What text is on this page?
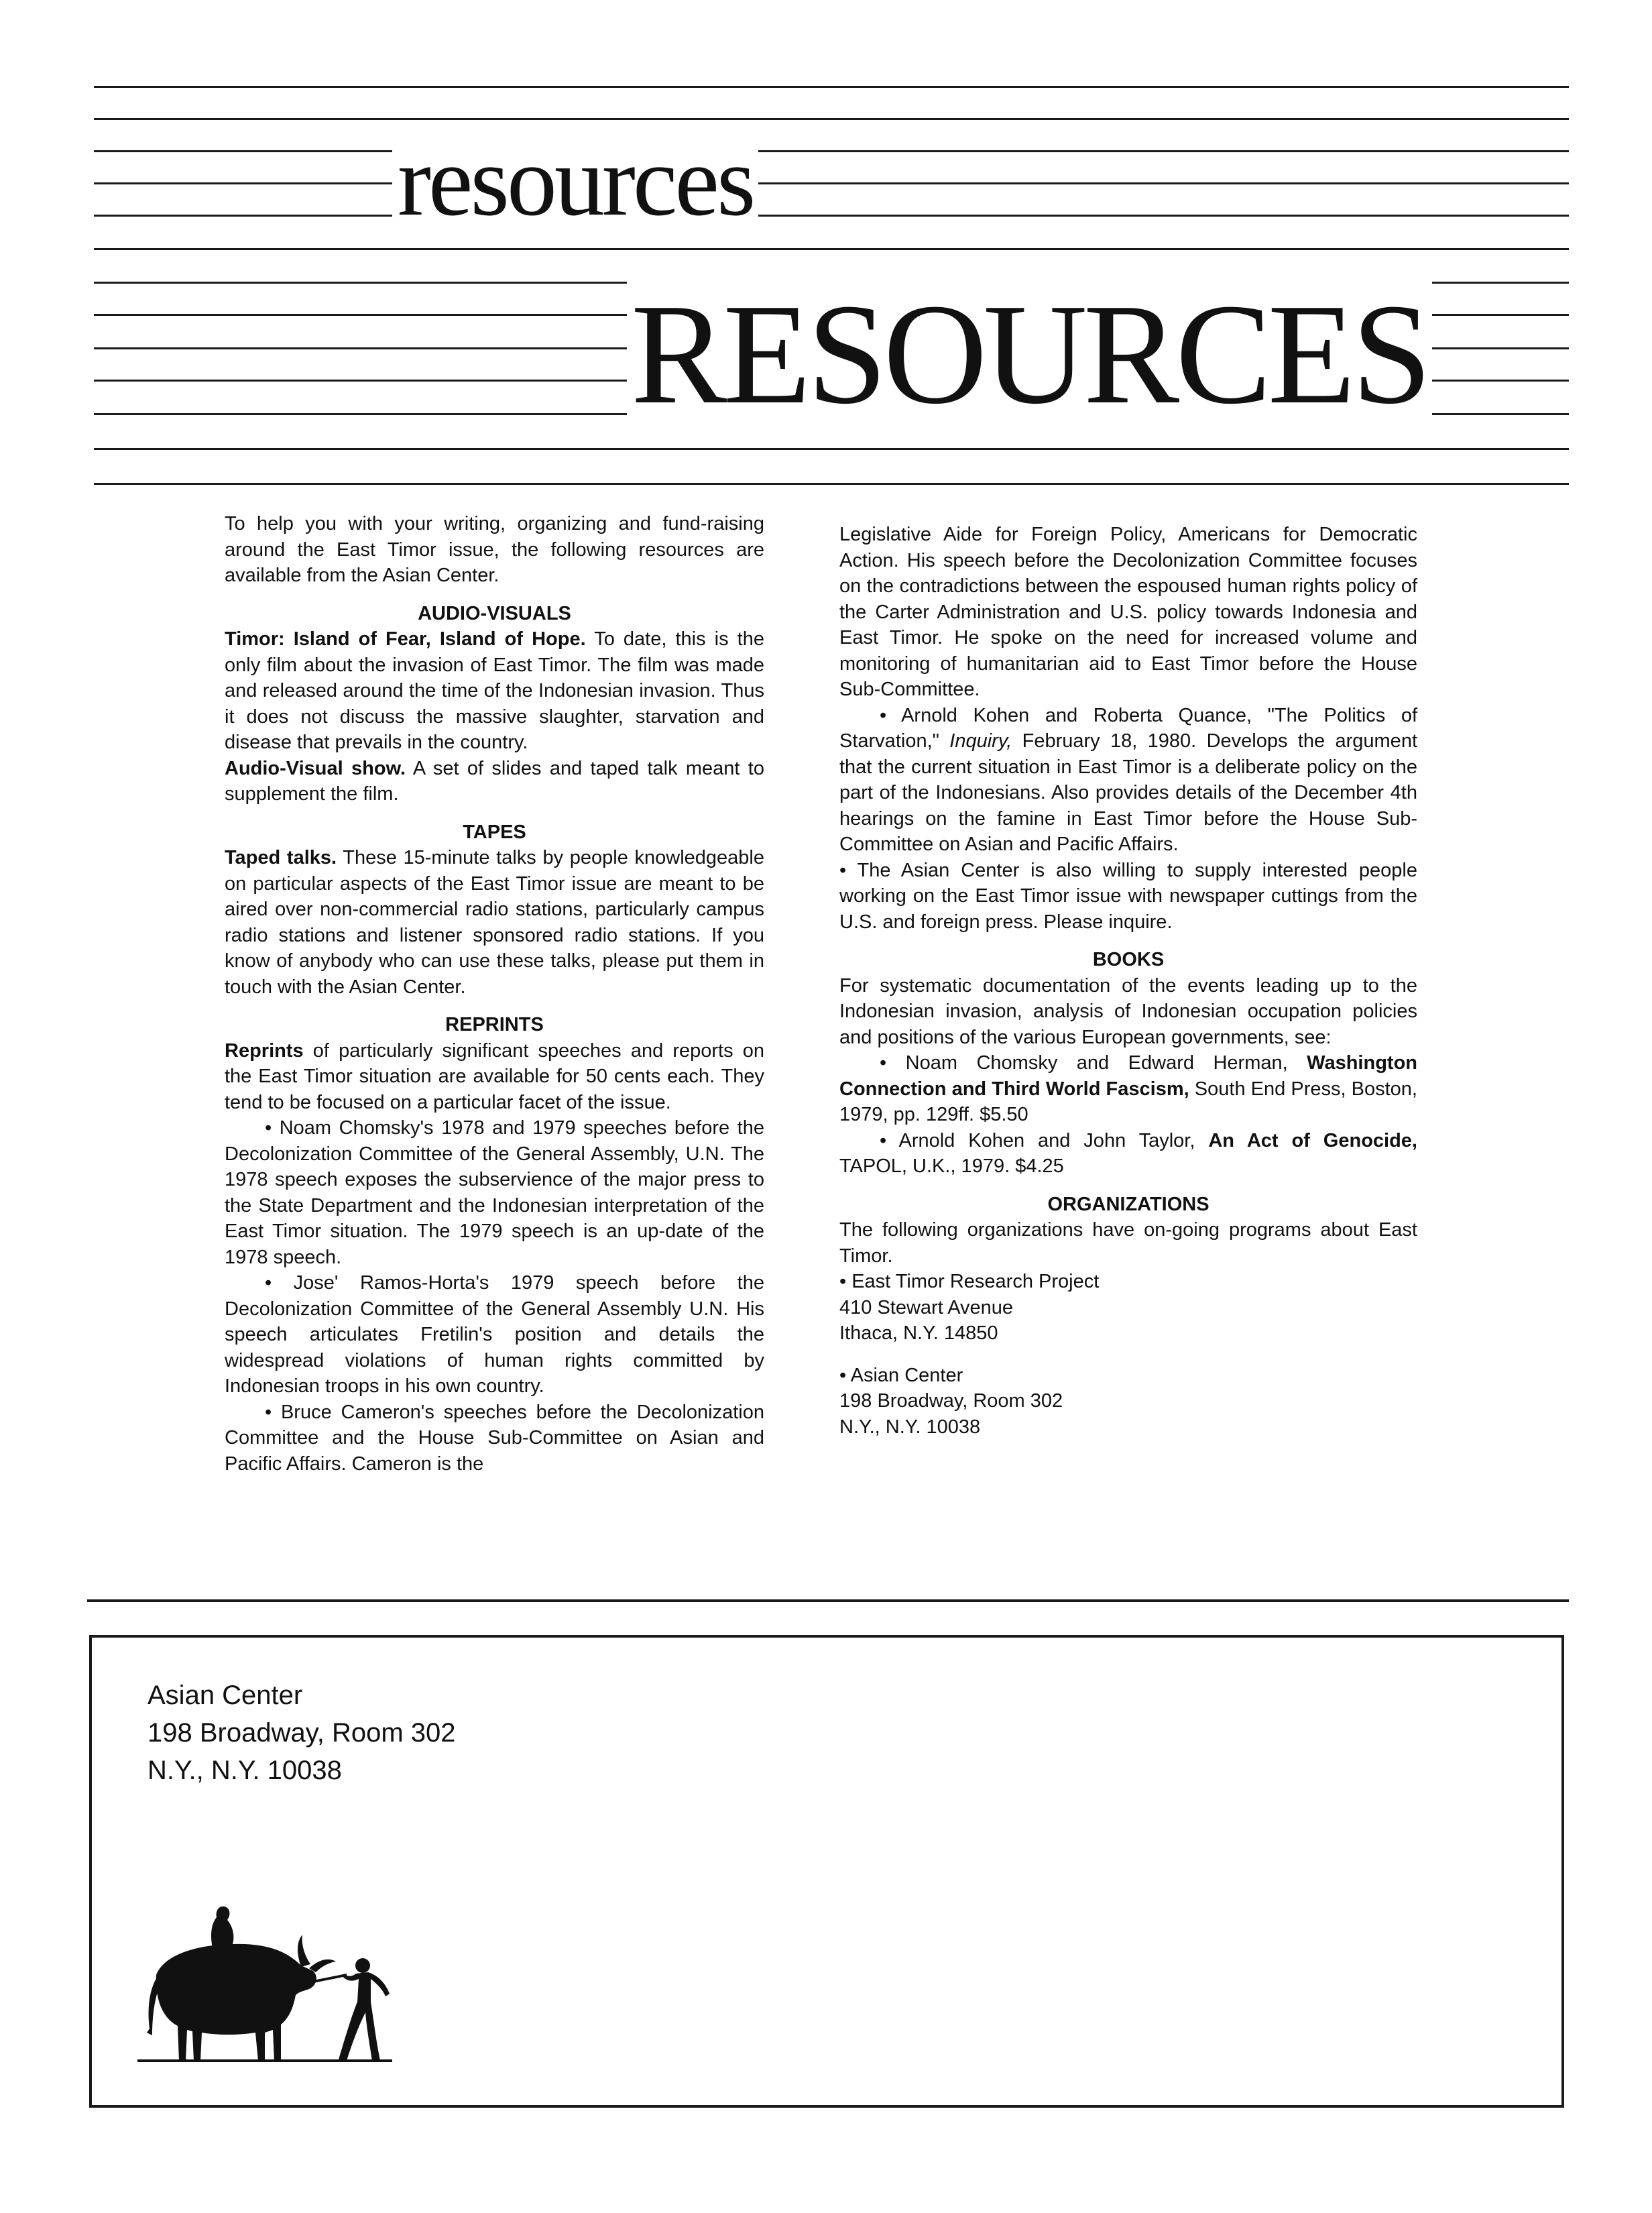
resources
RESOURCES

To help you with your writing, organizing and fund-raising around the East Timor issue, the following resources are available from the Asian Center.

AUDIO-VISUALS

Timor: Island of Fear, Island of Hope. To date, this is the only film about the invasion of East Timor. The film was made and released around the time of the Indonesian invasion. Thus it does not discuss the massive slaughter, starvation and disease that prevails in the country.

Audio-Visual show. A set of slides and taped talk meant to supplement the film.

TAPES

Taped talks. These 15-minute talks by people knowledgeable on particular aspects of the East Timor issue are meant to be aired over non-commercial radio stations, particularly campus radio stations and listener sponsored radio stations. If you know of anybody who can use these talks, please put them in touch with the Asian Center.

REPRINTS

Reprints of particularly significant speeches and reports on the East Timor situation are available for 50 cents each. They tend to be focused on a particular facet of the issue.

• Noam Chomsky's 1978 and 1979 speeches before the Decolonization Committee of the General Assembly, U.N. The 1978 speech exposes the subservience of the major press to the State Department and the Indonesian interpretation of the East Timor situation. The 1979 speech is an up-date of the 1978 speech.

• Jose' Ramos-Horta's 1979 speech before the Decolonization Committee of the General Assembly U.N. His speech articulates Fretilin's position and details the widespread violations of human rights committed by Indonesian troops in his own country.

• Bruce Cameron's speeches before the Decolonization Committee and the House Sub-Committee on Asian and Pacific Affairs. Cameron is the

Legislative Aide for Foreign Policy, Americans for Democratic Action. His speech before the Decolonization Committee focuses on the contradictions between the espoused human rights policy of the Carter Administration and U.S. policy towards Indonesia and East Timor. He spoke on the need for increased volume and monitoring of humanitarian aid to East Timor before the House Sub-Committee.

• Arnold Kohen and Roberta Quance, "The Politics of Starvation," Inquiry, February 18, 1980. Develops the argument that the current situation in East Timor is a deliberate policy on the part of the Indonesians. Also provides details of the December 4th hearings on the famine in East Timor before the House Sub-Committee on Asian and Pacific Affairs.

• The Asian Center is also willing to supply interested people working on the East Timor issue with newspaper cuttings from the U.S. and foreign press. Please inquire.

BOOKS

For systematic documentation of the events leading up to the Indonesian invasion, analysis of Indonesian occupation policies and positions of the various European governments, see:

• Noam Chomsky and Edward Herman, Washington Connection and Third World Fascism, South End Press, Boston, 1979, pp. 129ff. $5.50

• Arnold Kohen and John Taylor, An Act of Genocide, TAPOL, U.K., 1979. $4.25

ORGANIZATIONS

The following organizations have on-going programs about East Timor.

• East Timor Research Project
410 Stewart Avenue
Ithaca, N.Y. 14850
• Asian Center
198 Broadway, Room 302
N.Y., N.Y. 10038
Asian Center
198 Broadway, Room 302
N.Y., N.Y. 10038
